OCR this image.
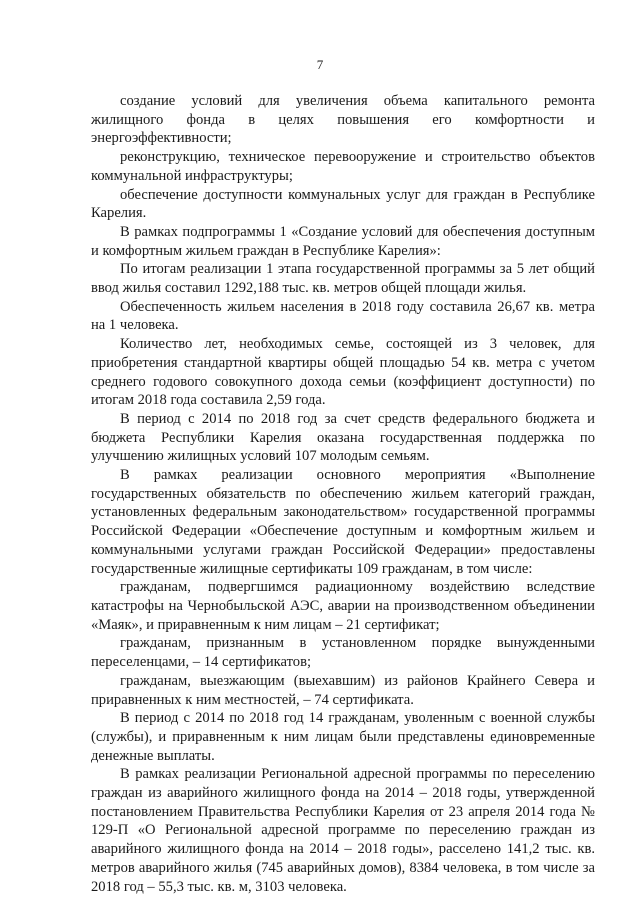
7

создание условий для увеличения объема капитального ремонта жилищного фонда в целях повышения его комфортности и энергоэффективности;

реконструкцию, техническое перевооружение и строительство объектов коммунальной инфраструктуры;

обеспечение доступности коммунальных услуг для граждан в Республике Карелия.

В рамках подпрограммы 1 «Создание условий для обеспечения доступным и комфортным жильем граждан в Республике Карелия»:

По итогам реализации 1 этапа государственной программы за 5 лет общий ввод жилья составил 1292,188 тыс. кв. метров общей площади жилья.

Обеспеченность жильем населения в 2018 году составила 26,67 кв. метра на 1 человека.

Количество лет, необходимых семье, состоящей из 3 человек, для приобретения стандартной квартиры общей площадью 54 кв. метра с учетом среднего годового совокупного дохода семьи (коэффициент доступности) по итогам 2018 года составила 2,59 года.

В период с 2014 по 2018 год за счет средств федерального бюджета и бюджета Республики Карелия оказана государственная поддержка по улучшению жилищных условий 107 молодым семьям.

В рамках реализации основного мероприятия «Выполнение государственных обязательств по обеспечению жильем категорий граждан, установленных федеральным законодательством» государственной программы Российской Федерации «Обеспечение доступным и комфортным жильем и коммунальными услугами граждан Российской Федерации» предоставлены государственные жилищные сертификаты 109 гражданам, в том числе:

гражданам, подвергшимся радиационному воздействию вследствие катастрофы на Чернобыльской АЭС, аварии на производственном объединении «Маяк», и приравненным к ним лицам – 21 сертификат;

гражданам, признанным в установленном порядке вынужденными переселенцами, – 14 сертификатов;

гражданам, выезжающим (выехавшим) из районов Крайнего Севера и приравненных к ним местностей, – 74 сертификата.

В период с 2014 по 2018 год 14 гражданам, уволенным с военной службы (службы), и приравненным к ним лицам были представлены единовременные денежные выплаты.

В рамках реализации Региональной адресной программы по переселению граждан из аварийного жилищного фонда на 2014 – 2018 годы, утвержденной постановлением Правительства Республики Карелия от 23 апреля 2014 года № 129-П «О Региональной адресной программе по переселению граждан из аварийного жилищного фонда на 2014 – 2018 годы», расселено 141,2 тыс. кв. метров аварийного жилья (745 аварийных домов), 8384 человека, в том числе за 2018 год – 55,3 тыс. кв. м, 3103 человека.
